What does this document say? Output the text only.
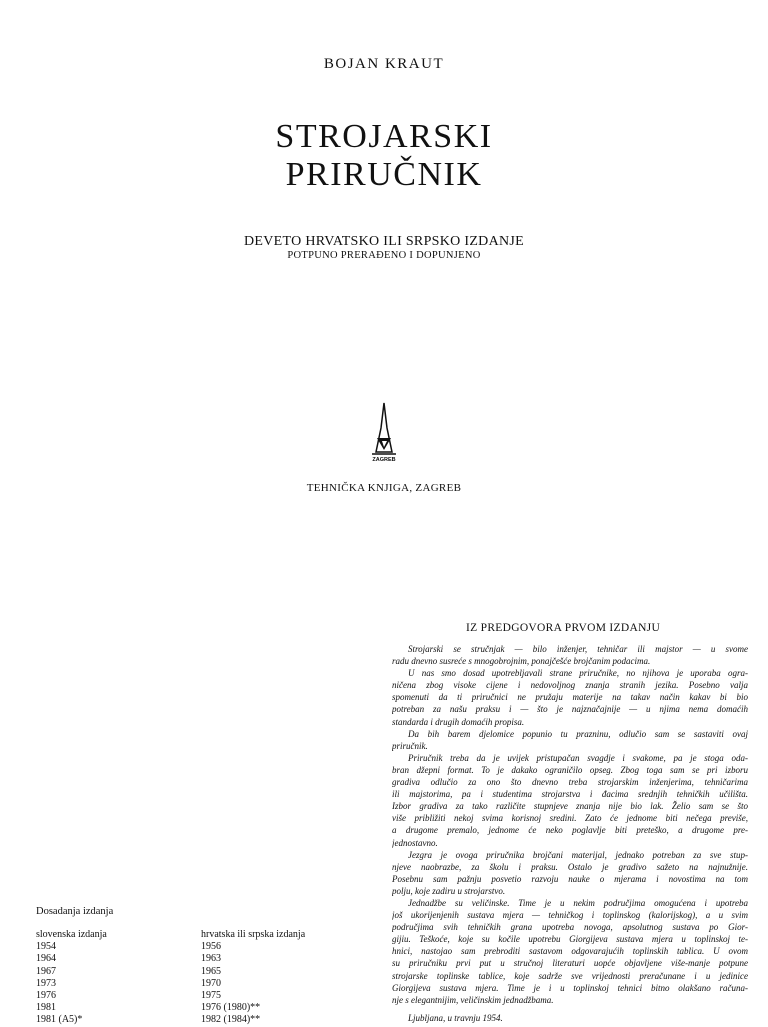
BOJAN KRAUT
STROJARSKI
PRIRUČNIK
DEVETO HRVATSKO ILI SRPSKO IZDANJE
POTPUNO PRERAĐENO I DOPUNJENO
ZAGREB
TEHNIČKA KNJIGA, ZAGREB
IZ PREDGOVORA PRVOM IZDANJU
Strojarski se stručnjak — bilo inženjer, tehničar ili majstor — u svome
radu dnevno susreće s mnogobrojnim, ponajčešće brojčanim podacima.
U nas smo dosad upotrebljavali strane priručnike, no njihova je uporaba ogra-
ničena zbog visoke cijene i nedovoljnog znanja stranih jezika. Posebno valja
spomenuti da ti priručnici ne pružaju materije na takav način kakav bi bio
potreban za našu praksu i — što je najznačajnije — u njima nema domaćih
standarda i drugih domaćih propisa.
Da bih barem djelomice popunio tu prazninu, odlučio sam se sastaviti ovaj
priručnik.
Priručnik treba da je uvijek pristupačan svagdje i svakome, pa je stoga oda-
bran džepni format. To je dakako ograničilo opseg. Zbog toga sam se pri izboru
gradiva odlučio za ono što dnevno treba strojarskim inženjerima, tehničarima
ili majstorima, pa i studentima strojarstva i đacima srednjih tehničkih učilišta.
Izbor gradiva za tako različite stupnjeve znanja nije bio lak. Želio sam se što
više približiti nekoj svima korisnoj sredini. Zato će jednome biti nečega previše,
a drugome premalo, jednome će neko poglavlje biti preteško, a drugome pre-
jednostavno.
Jezgra je ovoga priručnika brojčani materijal, jednako potreban za sve stup-
njeve naobrazbe, za školu i praksu. Ostalo je gradivo sažeto na najnužnije.
Posebnu sam pažnju posvetio razvoju nauke o mjerama i novostima na tom
polju, koje zadiru u strojarstvo.
Jednadžbe su veličinske. Time je u nekim područjima omogućena i upotreba
još ukorijenjenih sustava mjera — tehničkog i toplinskog (kalorijskog), a u svim
područjima svih tehničkih grana upotreba novoga, apsolutnog sustava po Gior-
gijiu. Teškoće, koje su kočile upotrebu Giorgijeva sustava mjera u toplinskoj te-
hnici, nastojao sam prebroditi sastavom odgovarajućih toplinskih tablica. U ovom
su priručniku prvi put u stručnoj literaturi uopće objavljene više-manje potpune
strojarske toplinske tablice, koje sadrže sve vrijednosti preračunane i u jedinice
Giorgijeva sustava mjera. Time je i u toplinskoj tehnici bitno olakšano računa-
nje s elegantnijim, veličinskim jednadžbama.
Ljubljana, u travnju 1954.
Dosadanja izdanja
slovenska izdanja
1954
1964
1967
1973
1976
1981
1981 (A5)*
hrvatska ili srpska izdanja
1956
1963
1965
1970
1975
1976 (1980)**
1982 (1984)**
